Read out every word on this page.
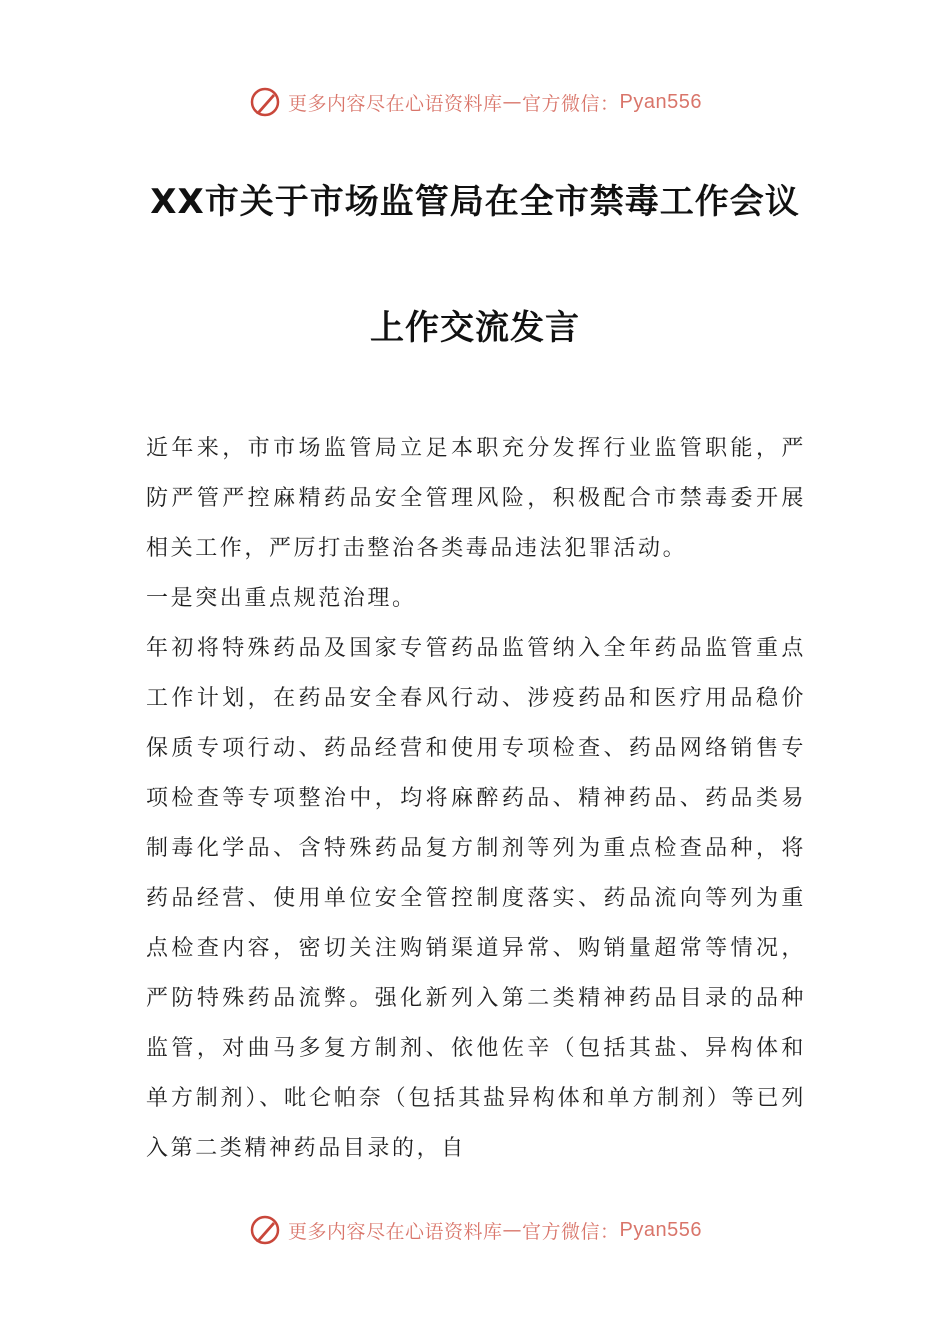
更多内容尽在心语资料库 — 官方微信： Pyan556
XX市关于市场监管局在全市禁毒工作会议
上作交流发言

近年来，市市场监管局立足本职充分发挥行业监管职能，严防严管严控麻精药品安全管理风险，积极配合市禁毒委开展相关工作，严厉打击整治各类毒品违法犯罪活动。

一是突出重点规范治理。

年初将特殊药品及国家专管药品监管纳入全年药品监管重点工作计划，在药品安全春风行动、涉疫药品和医疗用品稳价保质专项行动、药品经营和使用专项检查、药品网络销售专项检查等专项整治中，均将麻醉药品、精神药品、药品类易制毒化学品、含特殊药品复方制剂等列为重点检查品种，将药品经营、使用单位安全管控制度落实、药品流向等列为重点检查内容，密切关注购销渠道异常、购销量超常等情况，严防特殊药品流弊。强化新列入第二类精神药品目录的品种监管，对曲马多复方制剂、依他佐辛（包括其盐、异构体和单方制剂）、吡仑帕奈（包括其盐异构体和单方制剂）等已列入第二类精神药品目录的，自

更多内容尽在心语资料库 — 官方微信： Pyan556
